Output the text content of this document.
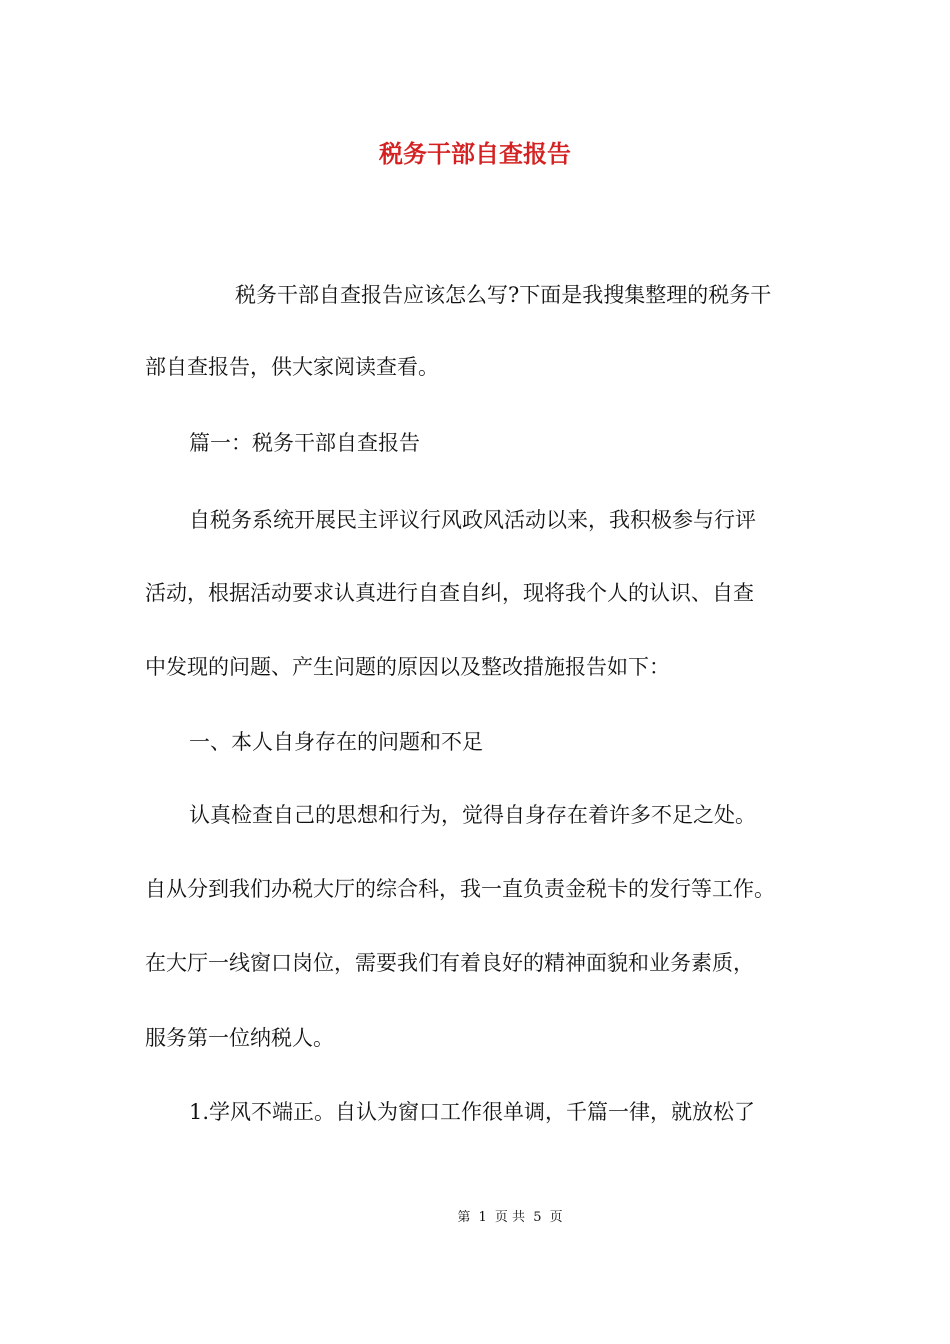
税务干部自查报告

税务干部自查报告应该怎么写?下面是我搜集整理的税务干

部自查报告，供大家阅读查看。

篇一：税务干部自查报告

自税务系统开展民主评议行风政风活动以来，我积极参与行评

活动，根据活动要求认真进行自查自纠，现将我个人的认识、自查

中发现的问题、产生问题的原因以及整改措施报告如下：

一、本人自身存在的问题和不足

认真检查自己的思想和行为，觉得自身存在着许多不足之处。

自从分到我们办税大厅的综合科，我一直负责金税卡的发行等工作。

在大厅一线窗口岗位，需要我们有着良好的精神面貌和业务素质，

服务第一位纳税人。

1.学风不端正。自认为窗口工作很单调，千篇一律，就放松了

第 1 页 共 5 页
